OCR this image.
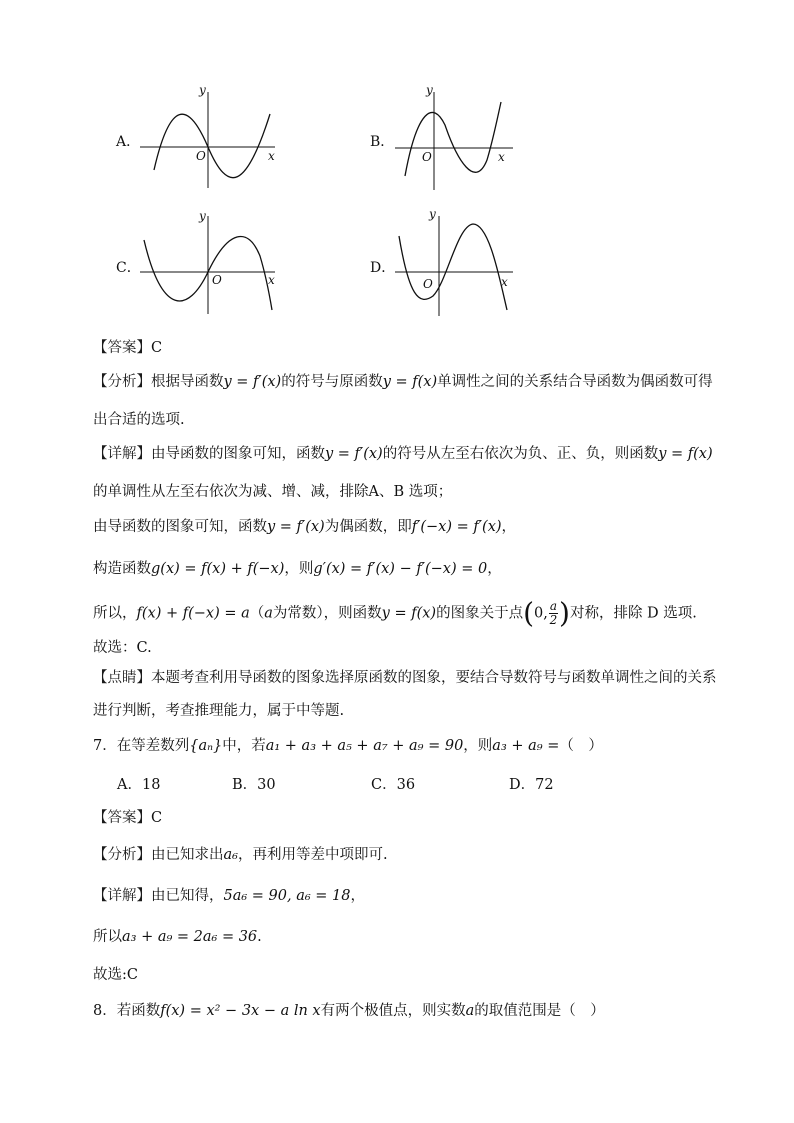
A．
y
O	x
B．
y
O	x
C．
y
O	x
D．
y
O	x
【答案】C
【分析】根据导函数y = f′(x)的符号与原函数y = f(x)单调性之间的关系结合导函数为偶函数可得
出合适的选项.
【详解】由导函数的图象可知，函数y = f′(x)的符号从左至右依次为负、正、负，则函数y = f(x)
的单调性从左至右依次为减、增、减，排除A、B 选项；
由导函数的图象可知，函数y = f′(x)为偶函数，即f′(−x) = f′(x)，
构造函数g(x) = f(x) + f(−x)，则g′(x) = f′(x) − f′(−x) = 0，
所以，f(x) + f(−x) = a（a为常数），则函数y = f(x)的图象关于点(0, $\frac{a}{2}$ )对称，排除 D 选项.
故选：C.
【点睛】本题考查利用导函数的图象选择原函数的图象，要结合导数符号与函数单调性之间的关系
进行判断，考查推理能力，属于中等题.
7．在等差数列{aₙ}中，若a₁ + a₃ + a₅ + a₇ + a₉ = 90，则a₃ + a₉ =（　）
A．18	B．30	C．36	D．72
【答案】C
【分析】由已知求出a₆，再利用等差中项即可.
【详解】由已知得，5a₆ = 90, a₆ = 18，
所以a₃ + a₉ = 2a₆ = 36.
故选:C
8．若函数f(x) = x² − 3x − a ln x有两个极值点，则实数a的取值范围是（　）
